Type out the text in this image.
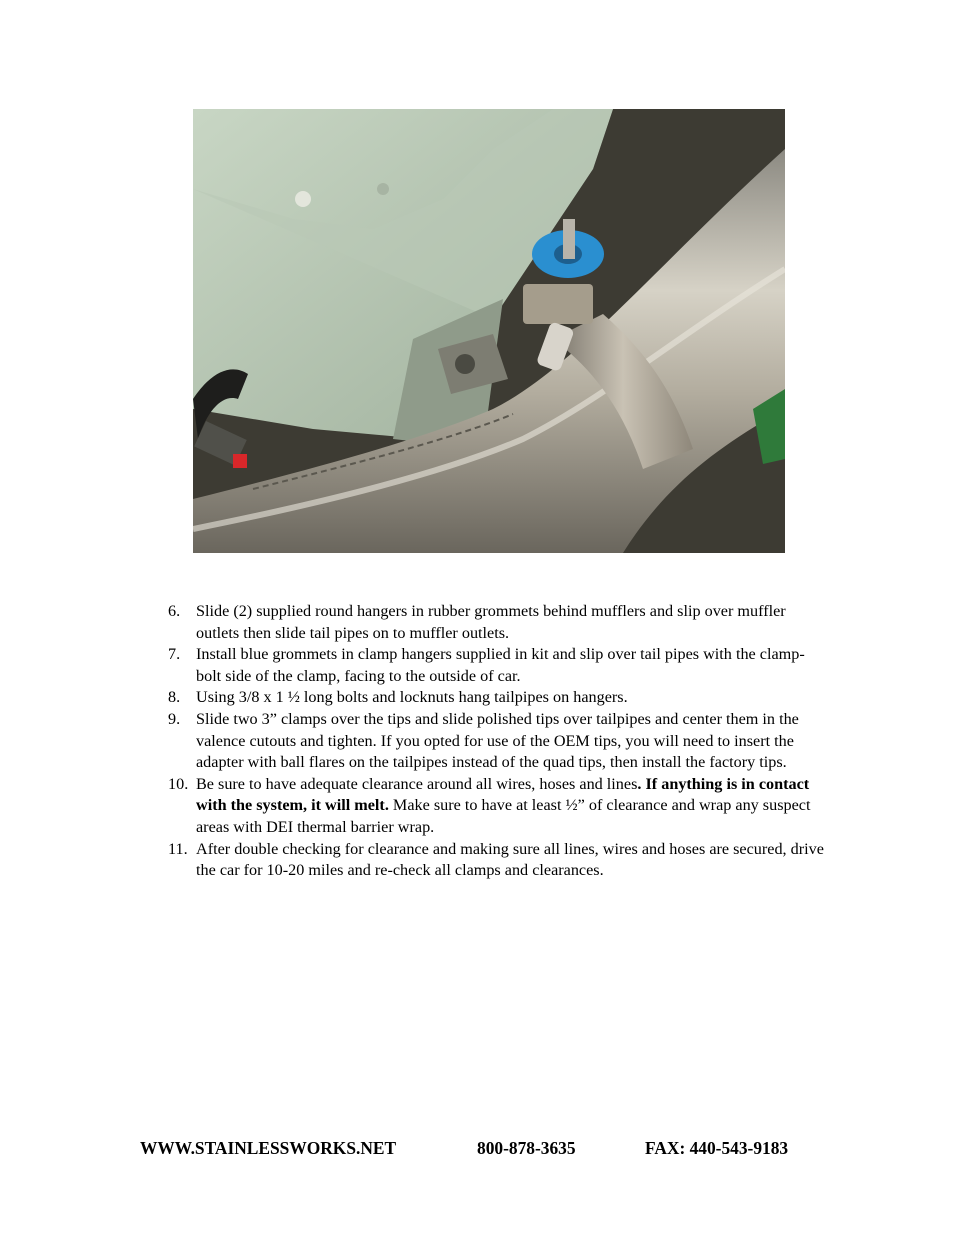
6. Slide (2) supplied round hangers in rubber grommets behind mufflers and slip over muffler outlets then slide tail pipes on to muffler outlets.
7. Install blue grommets in clamp hangers supplied in kit and slip over tail pipes with the clamp-bolt side of the clamp, facing to the outside of car.
8. Using 3/8 x 1 ½ long bolts and locknuts hang tailpipes on hangers.
9. Slide two 3” clamps over the tips and slide polished tips over tailpipes and center them in the valence cutouts and tighten. If you opted for use of the OEM tips, you will need to insert the adapter with ball flares on the tailpipes instead of the quad tips, then install the factory tips.
10. Be sure to have adequate clearance around all wires, hoses and lines. If anything is in contact with the system, it will melt. Make sure to have at least ½” of clearance and wrap any suspect areas with DEI thermal barrier wrap.
11. After double checking for clearance and making sure all lines, wires and hoses are secured, drive the car for 10-20 miles and re-check all clamps and clearances.
WWW.STAINLESSWORKS.NET	800-878-3635	FAX: 440-543-9183
